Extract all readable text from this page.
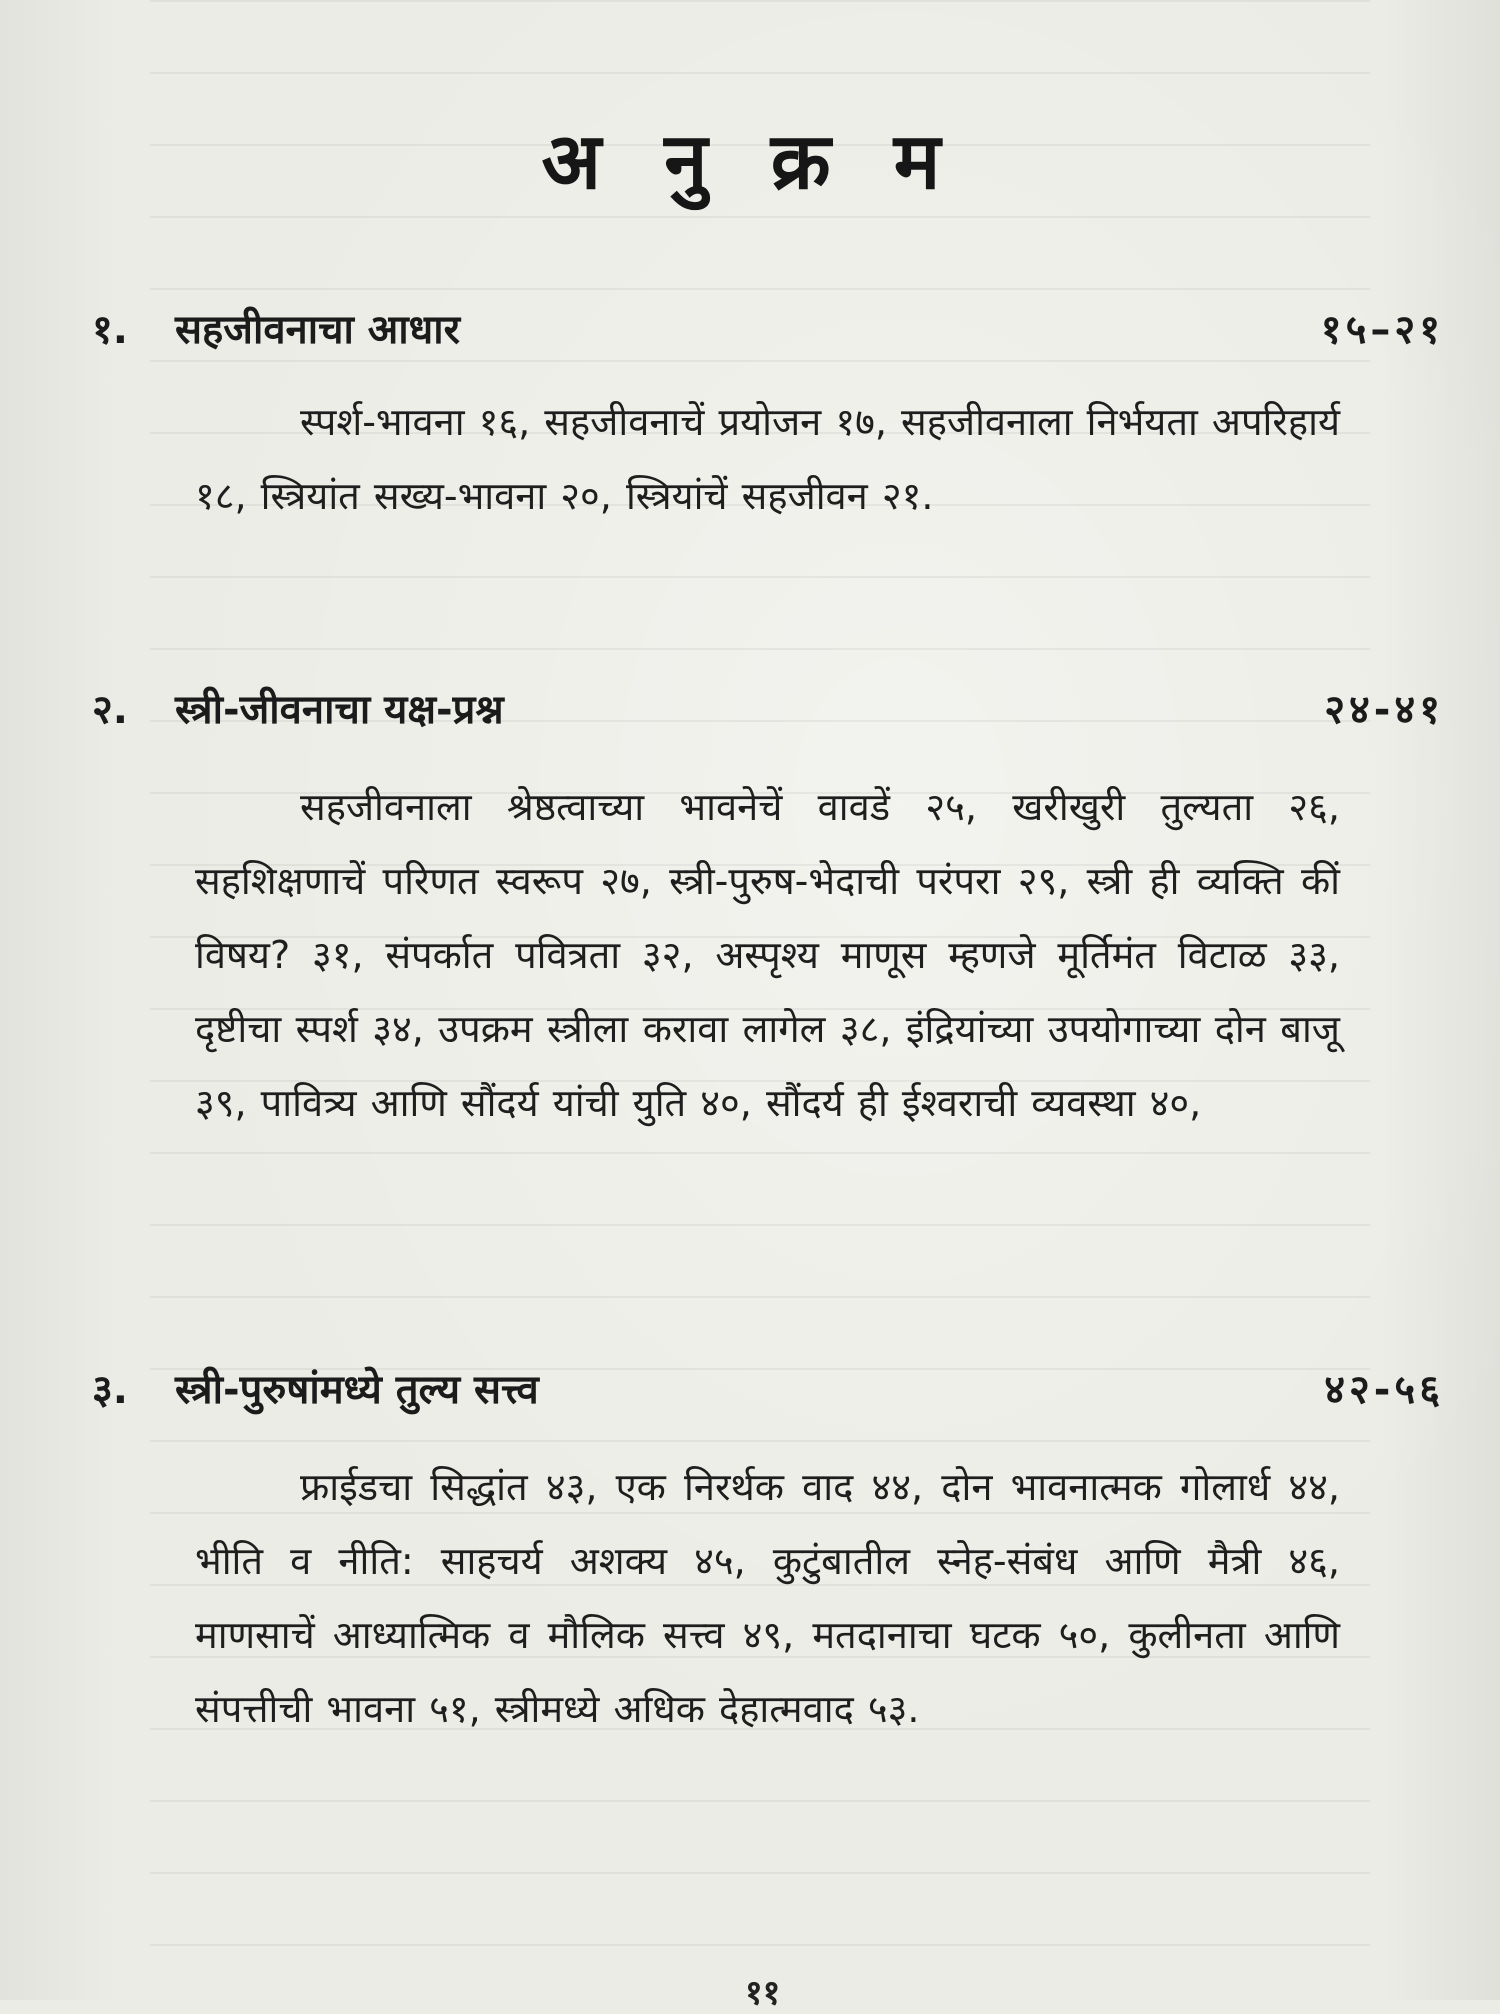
अ नु क्र म
१. सहजीवनाचा आधार	१५–२१
स्पर्श-भावना १६, सहजीवनाचें प्रयोजन १७, सहजीवनाला निर्भयता अपरिहार्य १८, स्त्रियांत सख्य-भावना २०, स्त्रियांचें सहजीवन २१.
२. स्त्री-जीवनाचा यक्ष-प्रश्न	२४-४१
सहजीवनाला श्रेष्ठत्वाच्या भावनेचें वावडें २५, खरीखुरी तुल्यता २६, सहशिक्षणाचें परिणत स्वरूप २७, स्त्री-पुरुष-भेदाची परंपरा २९, स्त्री ही व्यक्ति कीं विषय? ३१, संपर्कात पवित्रता ३२, अस्पृश्य माणूस म्हणजे मूर्तिमंत विटाळ ३३, दृष्टीचा स्पर्श ३४, उपक्रम स्त्रीला करावा लागेल ३८, इंद्रियांच्या उपयोगाच्या दोन बाजू ३९, पावित्र्य आणि सौंदर्य यांची युति ४०, सौंदर्य ही ईश्वराची व्यवस्था ४०,
३. स्त्री-पुरुषांमध्ये तुल्य सत्त्व	४२-५६
फ्राईडचा सिद्धांत ४३, एक निरर्थक वाद ४४, दोन भावनात्मक गोलार्ध ४४, भीति व नीति: साहचर्य अशक्य ४५, कुटुंबातील स्नेह-संबंध आणि मैत्री ४६, माणसाचें आध्यात्मिक व मौलिक सत्त्व ४९, मतदानाचा घटक ५०, कुलीनता आणि संपत्तीची भावना ५१, स्त्रीमध्ये अधिक देहात्मवाद ५३.
११
